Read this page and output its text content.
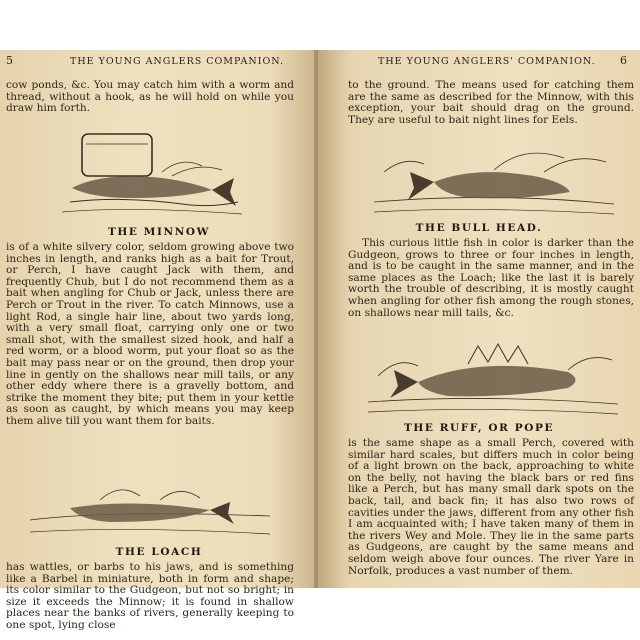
5	THE YOUNG ANGLERS COMPANION.

cow ponds, &c. You may catch him with a worm and thread, without a hook, as he will hold on while you draw him forth.

THE MINNOW

is of a white silvery color, seldom growing above two inches in length, and ranks high as a bait for Trout, or Perch, I have caught Jack with them, and frequently Chub, but I do not recommend them as a bait when angling for Chub or Jack, unless there are Perch or Trout in the river. To catch Minnows, use a light Rod, a single hair line, about two yards long, with a very small float, carrying only one or two small shot, with the smallest sized hook, and half a red worm, or a blood worm, put your float so as the bait may pass near or on the ground, then drop your line in gently on the shallows near mill tails, or any other eddy where there is a gravelly bottom, and strike the moment they bite; put them in your kettle as soon as caught, by which means you may keep them alive till you want them for baits.

THE LOACH

has wattles, or barbs to his jaws, and is something like a Barbel in miniature, both in form and shape; its color similar to the Gudgeon, but not so bright; in size it exceeds the Minnow; it is found in shallow places near the banks of rivers, generally keeping to one spot, lying close

THE YOUNG ANGLERS' COMPANION. 6

to the ground. The means used for catching them are the same as described for the Minnow, with this exception, your bait should drag on the ground. They are useful to bait night lines for Eels.

THE BULL HEAD.

This curious little fish in color is darker than the Gudgeon, grows to three or four inches in length, and is to be caught in the same manner, and in the same places as the Loach; like the last it is barely worth the trouble of describing, it is mostly caught when angling for other fish among the rough stones, on shallows near mill tails, &c.

THE RUFF, OR POPE

is the same shape as a small Perch, covered with similar hard scales, but differs much in color being of a light brown on the back, approaching to white on the belly, not having the black bars or red fins like a Perch, but has many small dark spots on the back, tail, and back fin; it has also two rows of cavities under the jaws, different from any other fish I am acquainted with; I have taken many of them in the rivers Wey and Mole. They lie in the same parts as Gudgeons, are caught by the same means and seldom weigh above four ounces. The river Yare in Norfolk, produces a vast number of them.
